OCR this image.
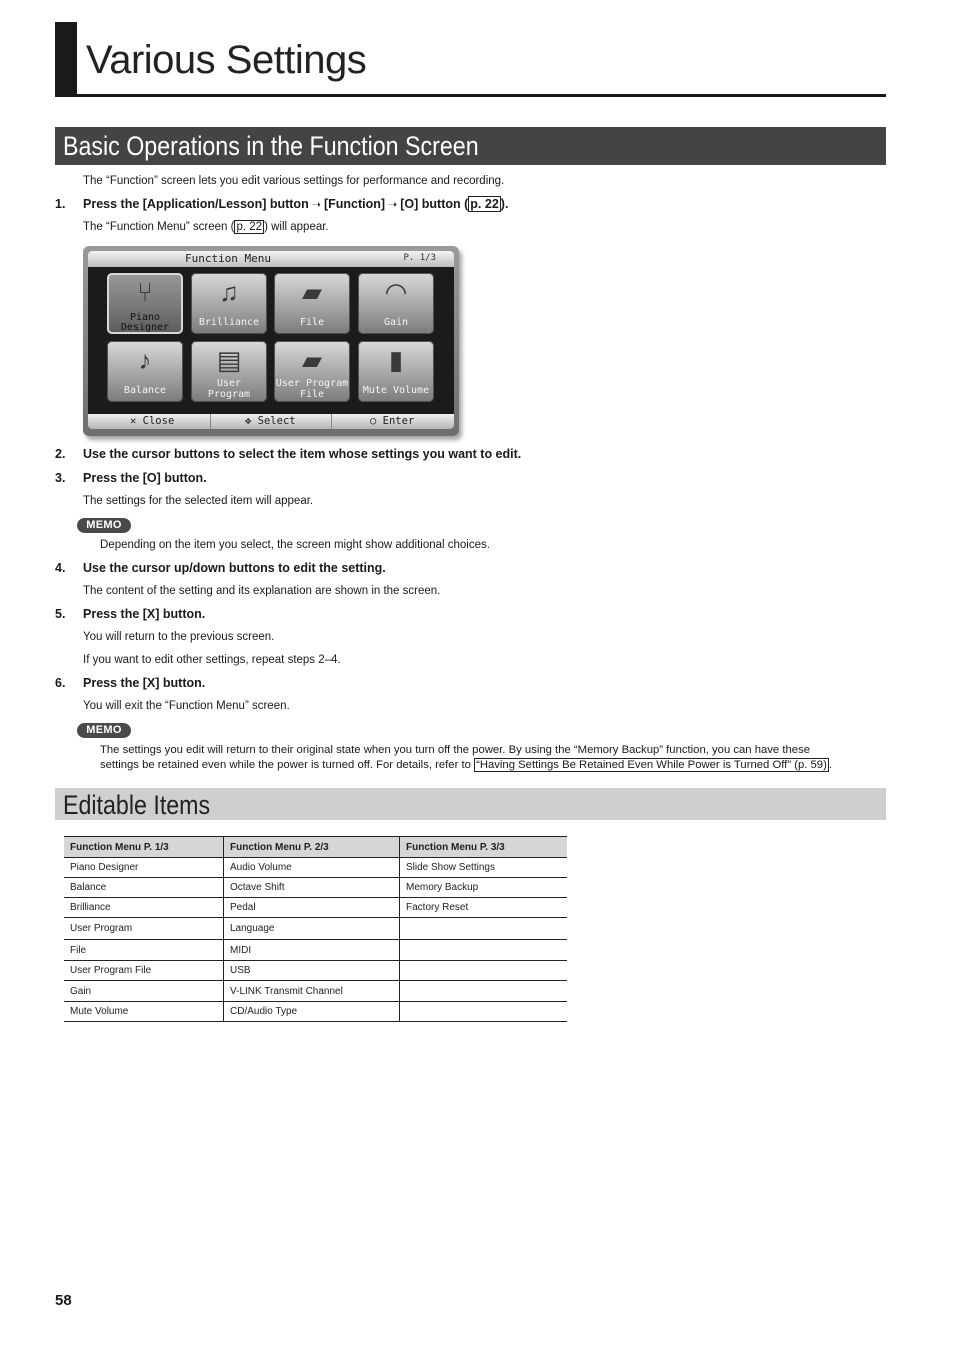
Various Settings
Basic Operations in the Function Screen
The “Function” screen lets you edit various settings for performance and recording.
1. Press the [Application/Lesson] button ➝ [Function] ➝ [O] button ( p. 22 ).
The “Function Menu” screen ( p. 22 ) will appear.
Function Menu	P. 1/3
⑂
Piano
Designer
♫
Brilliance
▰
File
◠
Gain
♪
Balance
▤
User
Program
▰
User Program
File
▮
Mute Volume
✕ Close	✥ Select	○ Enter
2. Use the cursor buttons to select the item whose settings you want to edit.
3. Press the [O] button.
The settings for the selected item will appear.
MEMO
Depending on the item you select, the screen might show additional choices.
4. Use the cursor up/down buttons to edit the setting.
The content of the setting and its explanation are shown in the screen.
5. Press the [X] button.
You will return to the previous screen.
If you want to edit other settings, repeat steps 2–4.
6. Press the [X] button.
You will exit the “Function Menu” screen.
MEMO
The settings you edit will return to their original state when you turn off the power. By using the “Memory Backup” function, you can have these
settings be retained even while the power is turned off. For details, refer to “Having Settings Be Retained Even While Power is Turned Off” (p. 59) .
Editable Items
Function Menu P. 1/3	Function Menu P. 2/3	Function Menu P. 3/3
Piano Designer	Audio Volume	Slide Show Settings
Balance	Octave Shift	Memory Backup
Brilliance	Pedal	Factory Reset
User Program	Language	
File	MIDI	
User Program File	USB	
Gain	V-LINK Transmit Channel	
Mute Volume	CD/Audio Type	
58
